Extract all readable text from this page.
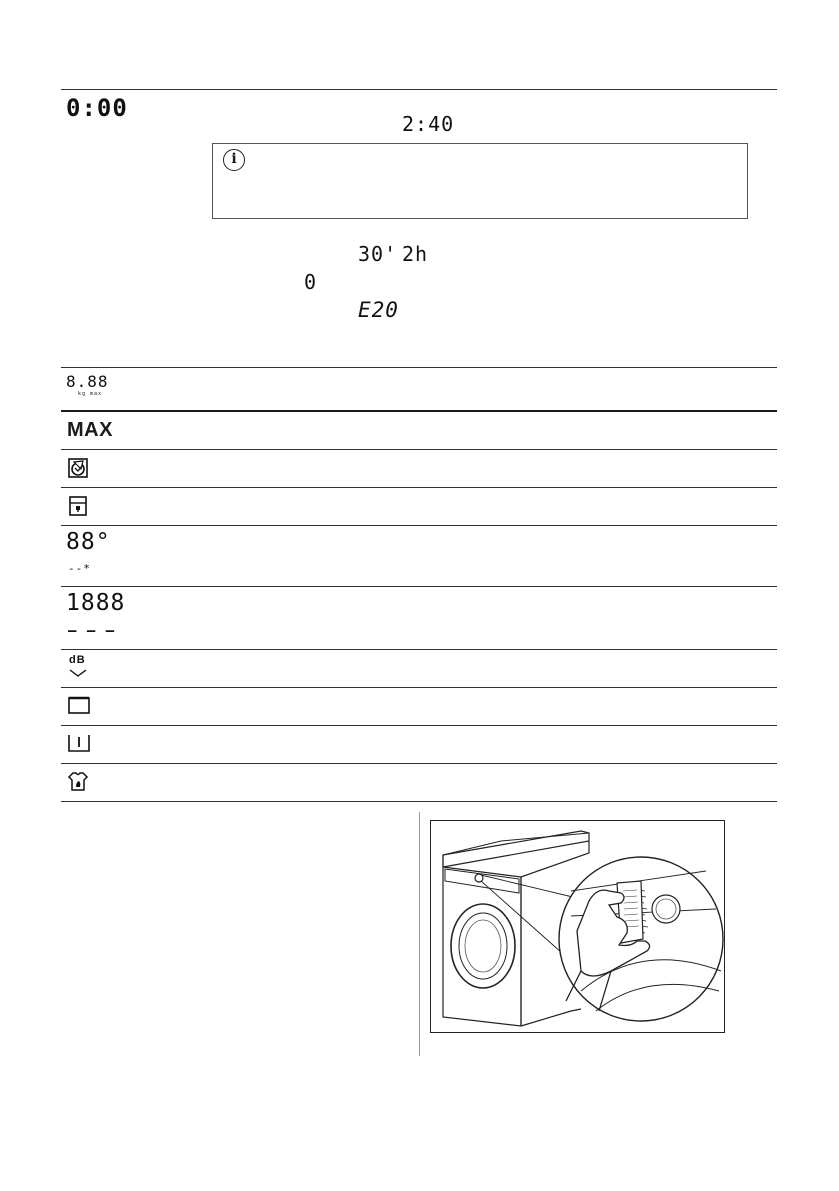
0:00
2:40
i
30' 2h
0
E20
8.88
kg max
MAX
88°
--*
1888
– – –
dB
